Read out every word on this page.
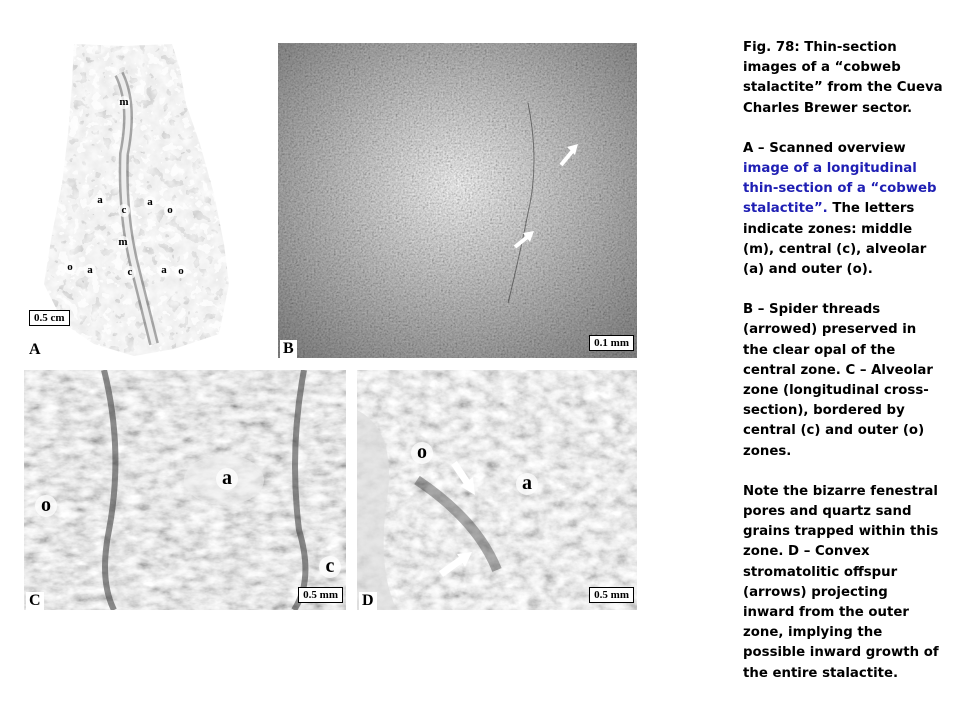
m
c
m
c
a	a
o
a
o	a o
0.5 cm
A	0.1 mm
B
o
a
c
0.5 mm
C
o
a
0.5 mm
D

Fig. 78: Thin-section images of a “cobweb stalactite” from the Cueva Charles Brewer sector.

A – Scanned overview image of a longitudinal thin-section of a “cobweb stalactite”. The letters indicate zones: middle (m), central (c), alveolar (a) and outer (o).

B – Spider threads (arrowed) preserved in the clear opal of the central zone. C – Alveolar zone (longitudinal cross-section), bordered by central (c) and outer (o) zones.

Note the bizarre fenestral pores and quartz sand grains trapped within this zone. D – Convex stromatolitic offspur (arrows) projecting inward from the outer zone, implying the possible inward growth of the entire stalactite.
